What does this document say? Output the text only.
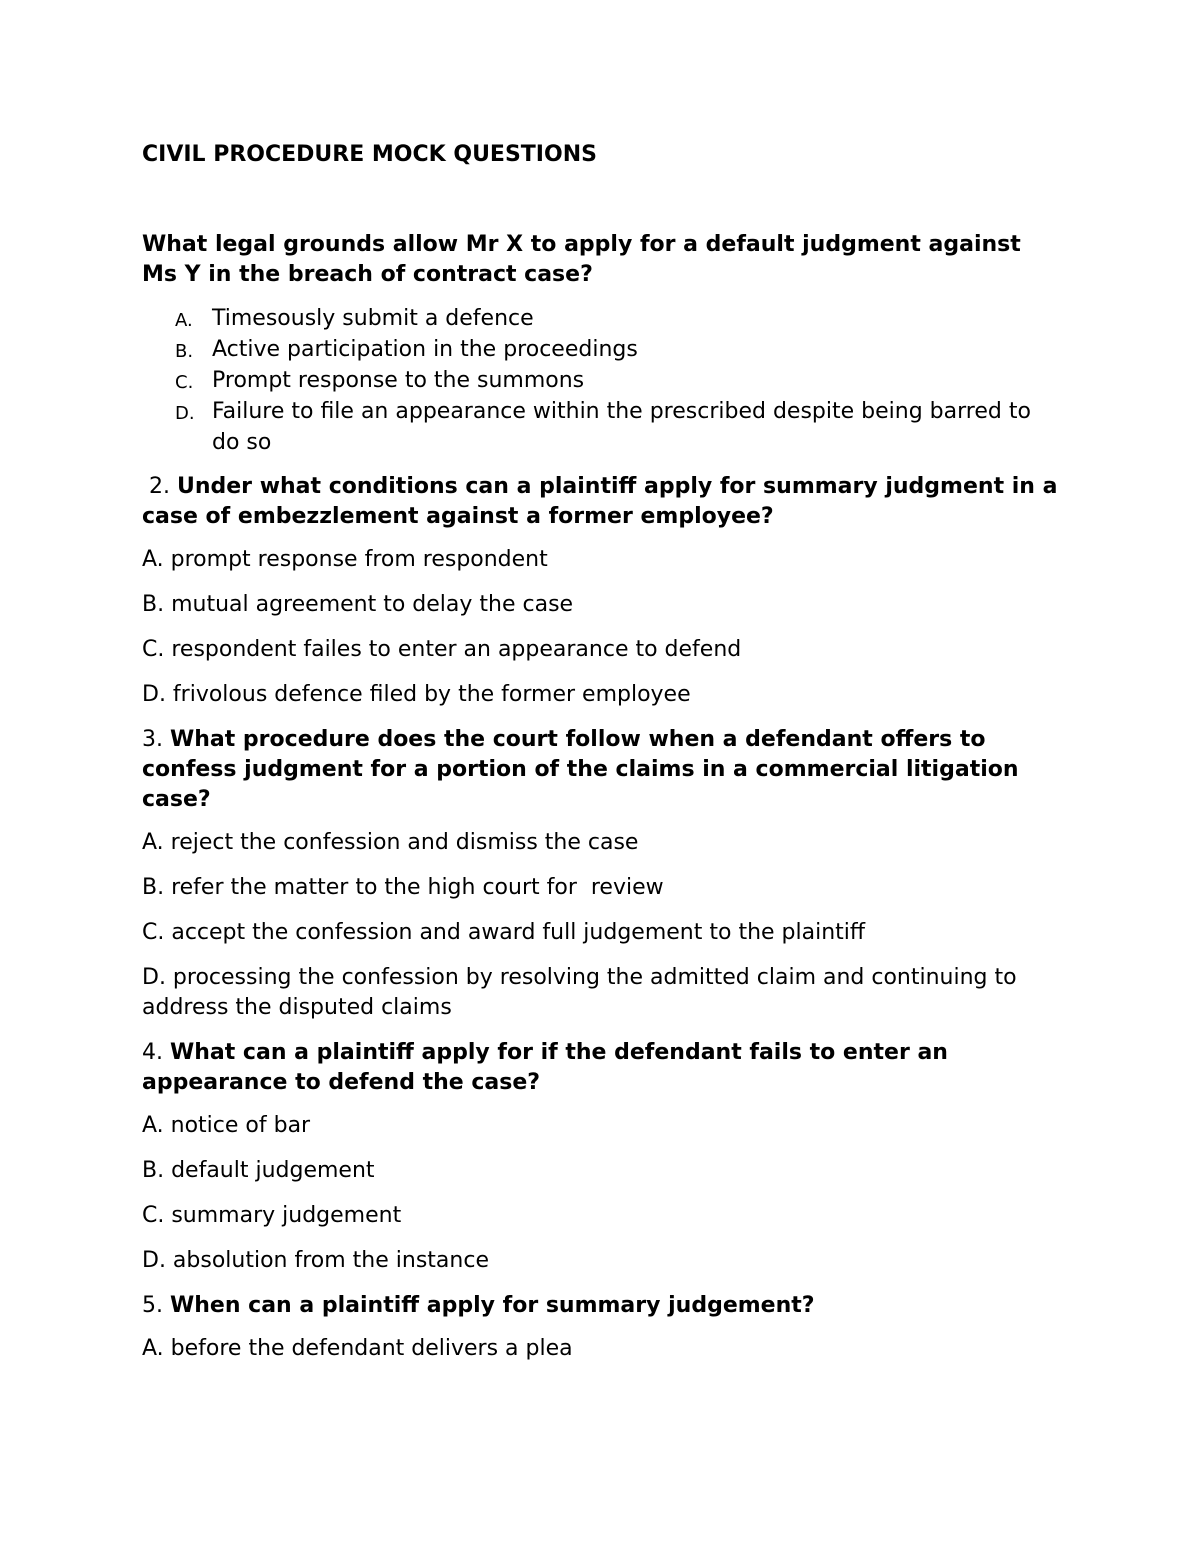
CIVIL PROCEDURE MOCK QUESTIONS
What legal grounds allow Mr X to apply for a default judgment against Ms Y in the breach of contract case?
A. Timesously submit a defence
B. Active participation in the proceedings
C. Prompt response to the summons
D. Failure to file an appearance within the prescribed despite being barred to do so
2. Under what conditions can a plaintiff apply for summary judgment in a case of embezzlement against a former employee?
A. prompt response from respondent
B. mutual agreement to delay the case
C. respondent failes to enter an appearance to defend
D. frivolous defence filed by the former employee
3. What procedure does the court follow when a defendant offers to confess judgment for a portion of the claims in a commercial litigation case?
A. reject the confession and dismiss the case
B. refer the matter to the high court for  review
C. accept the confession and award full judgement to the plaintiff
D. processing the confession by resolving the admitted claim and continuing to address the disputed claims
4. What can a plaintiff apply for if the defendant fails to enter an appearance to defend the case?
A. notice of bar
B. default judgement
C. summary judgement
D. absolution from the instance
5. When can a plaintiff apply for summary judgement?
A. before the defendant delivers a plea
